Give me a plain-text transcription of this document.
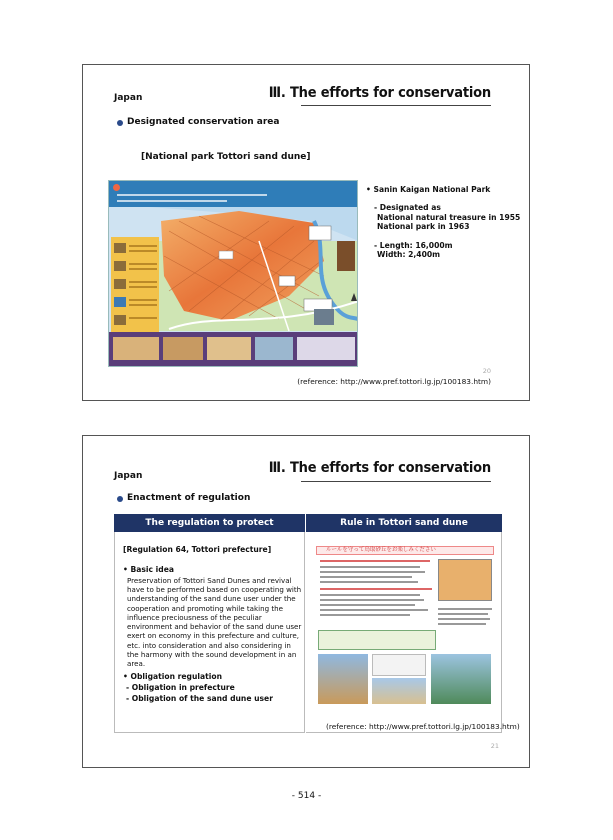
Japan	Ⅲ. The efforts for conservation
Designated conservation area
[National park Tottori sand dune]
• Sanin Kaigan National Park
- Designated as
National natural treasure in 1955
National park in 1963
- Length: 16,000m
Width: 2,400m
20
(reference: http://www.pref.tottori.lg.jp/100183.htm)
Japan	Ⅲ. The efforts for conservation
Enactment of regulation
The regulation to protect	Rule in Tottori sand dune
[Regulation 64, Tottori prefecture]
• Basic idea
Preservation of Tottori Sand Dunes and revival have to be performed based on cooperating with understanding of the sand dune user under the cooperation and promoting while taking the influence preciousness of the peculiar environment and behavior of the sand dune user exert on economy in this prefecture and culture, etc. into consideration and also considering in the harmony with the sound development in an area.
• Obligation regulation
- Obligation in prefecture
- Obligation of the sand dune user
ルールを守って鳥取砂丘をお楽しみください
(reference: http://www.pref.tottori.lg.jp/100183.htm)
21
- 514 -
